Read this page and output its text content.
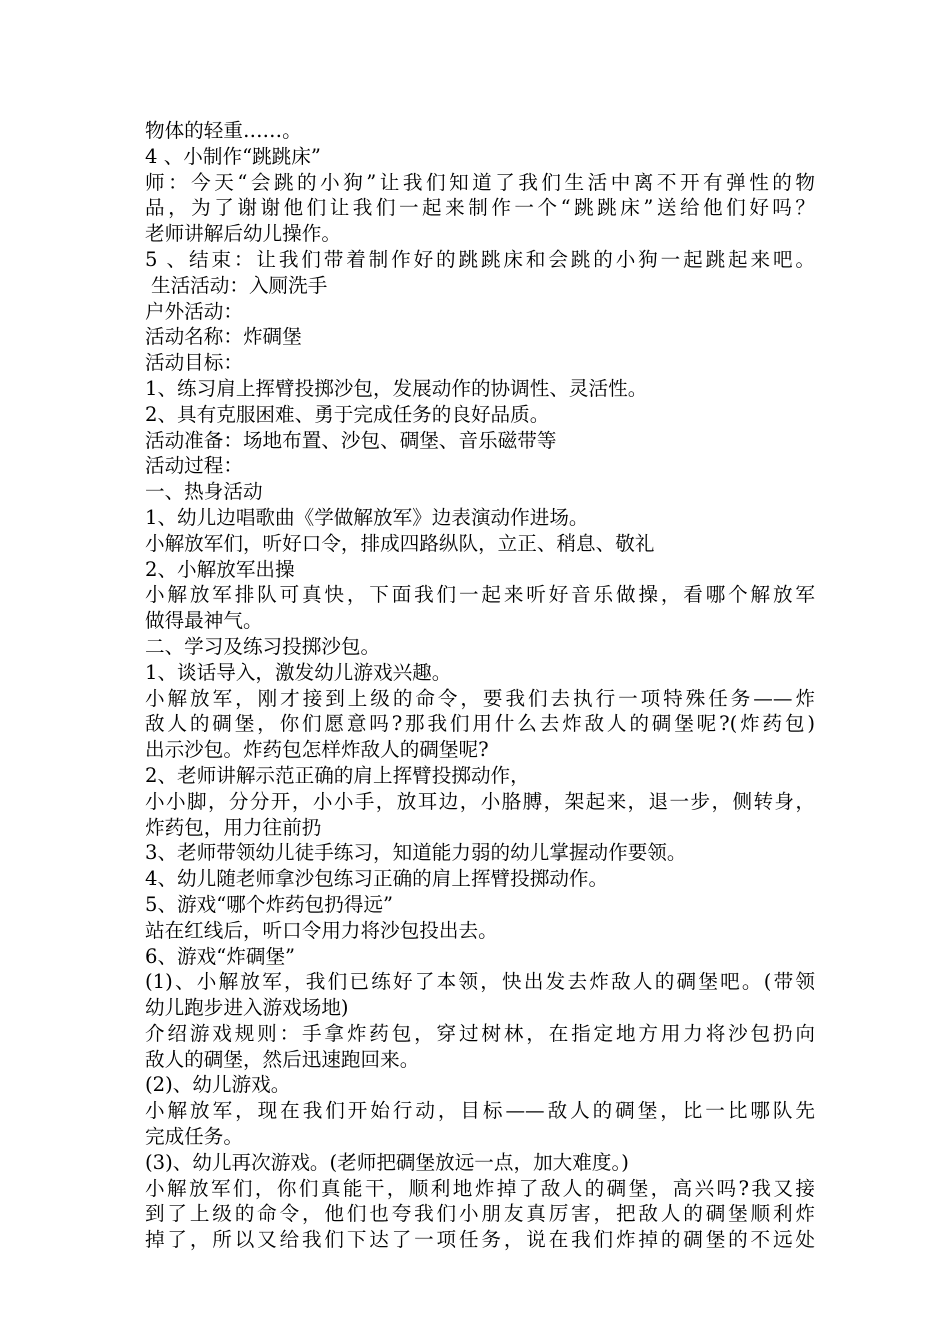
物体的轻重……。
4 、小制作“跳跳床”
师：今天“会跳的小狗”让我们知道了我们生活中离不开有弹性的物
品，为了谢谢他们让我们一起来制作一个“跳跳床”送给他们好吗？
老师讲解后幼儿操作。
5 、结束：让我们带着制作好的跳跳床和会跳的小狗一起跳起来吧。
生活活动：入厕洗手
户外活动：
活动名称：炸碉堡
活动目标：
1、练习肩上挥臂投掷沙包，发展动作的协调性、灵活性。
2、具有克服困难、勇于完成任务的良好品质。
活动准备：场地布置、沙包、碉堡、音乐磁带等
活动过程：
一、热身活动
1、幼儿边唱歌曲《学做解放军》边表演动作进场。
小解放军们，听好口令，排成四路纵队，立正、稍息、敬礼
2、小解放军出操
小解放军排队可真快，下面我们一起来听好音乐做操，看哪个解放军
做得最神气。
二、学习及练习投掷沙包。
1、谈话导入，激发幼儿游戏兴趣。
小解放军，刚才接到上级的命令，要我们去执行一项特殊任务——炸
敌人的碉堡，你们愿意吗?那我们用什么去炸敌人的碉堡呢?(炸药包)
出示沙包。炸药包怎样炸敌人的碉堡呢?
2、老师讲解示范正确的肩上挥臂投掷动作，
小小脚，分分开，小小手，放耳边，小胳膊，架起来，退一步，侧转身，
炸药包，用力往前扔
3、老师带领幼儿徒手练习，知道能力弱的幼儿掌握动作要领。
4、幼儿随老师拿沙包练习正确的肩上挥臂投掷动作。
5、游戏“哪个炸药包扔得远”
站在红线后，听口令用力将沙包投出去。
6、游戏“炸碉堡”
(1)、小解放军，我们已练好了本领，快出发去炸敌人的碉堡吧。(带领
幼儿跑步进入游戏场地)
介绍游戏规则：手拿炸药包，穿过树林，在指定地方用力将沙包扔向
敌人的碉堡，然后迅速跑回来。
(2)、幼儿游戏。
小解放军，现在我们开始行动，目标——敌人的碉堡，比一比哪队先
完成任务。
(3)、幼儿再次游戏。(老师把碉堡放远一点，加大难度。)
小解放军们，你们真能干，顺利地炸掉了敌人的碉堡，高兴吗?我又接
到了上级的命令，他们也夸我们小朋友真厉害，把敌人的碉堡顺利炸
掉了，所以又给我们下达了一项任务，说在我们炸掉的碉堡的不远处
